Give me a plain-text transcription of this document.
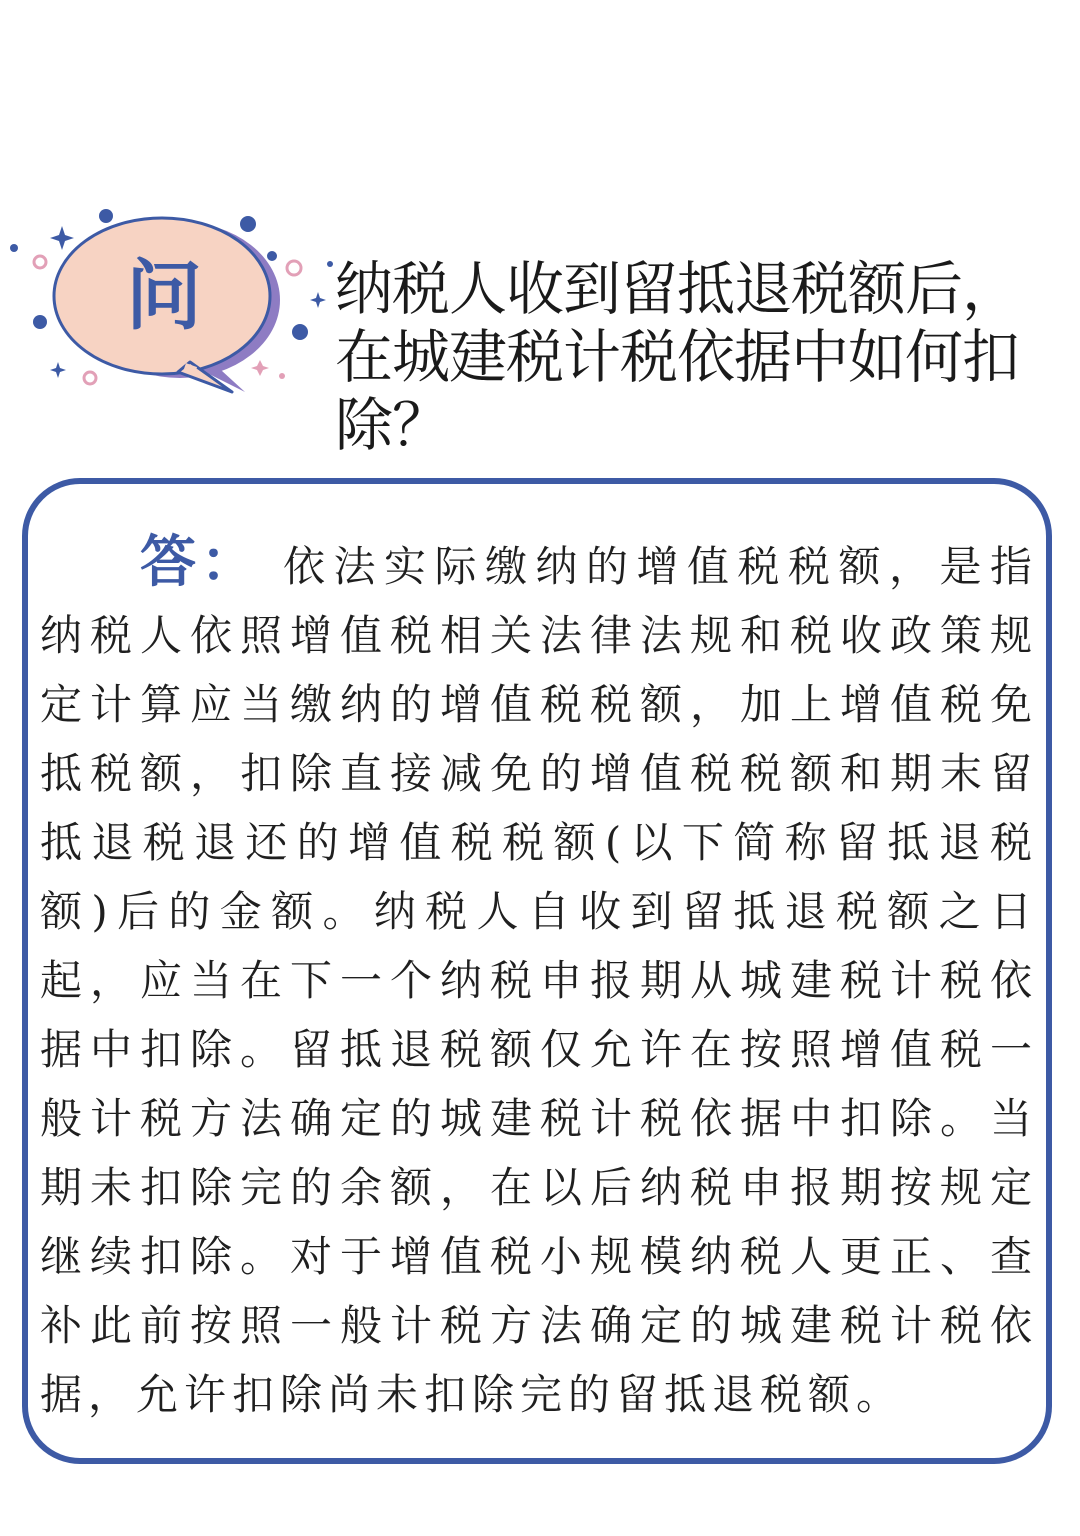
问 纳税人收到留抵退税额后，在城建税计税依据中如何扣除？

答： 依法实际缴纳的增值税税额，是指纳税人依照增值税相关法律法规和税收政策规定计算应当缴纳的增值税税额，加上增值税免抵税额，扣除直接减免的增值税税额和期末留抵退税退还的增值税税额(以下简称留抵退税额)后的金额。纳税人自收到留抵退税额之日起，应当在下一个纳税申报期从城建税计税依据中扣除。留抵退税额仅允许在按照增值税一般计税方法确定的城建税计税依据中扣除。当期未扣除完的余额，在以后纳税申报期按规定继续扣除。对于增值税小规模纳税人更正、查补此前按照一般计税方法确定的城建税计税依据，允许扣除尚未扣除完的留抵退税额。
